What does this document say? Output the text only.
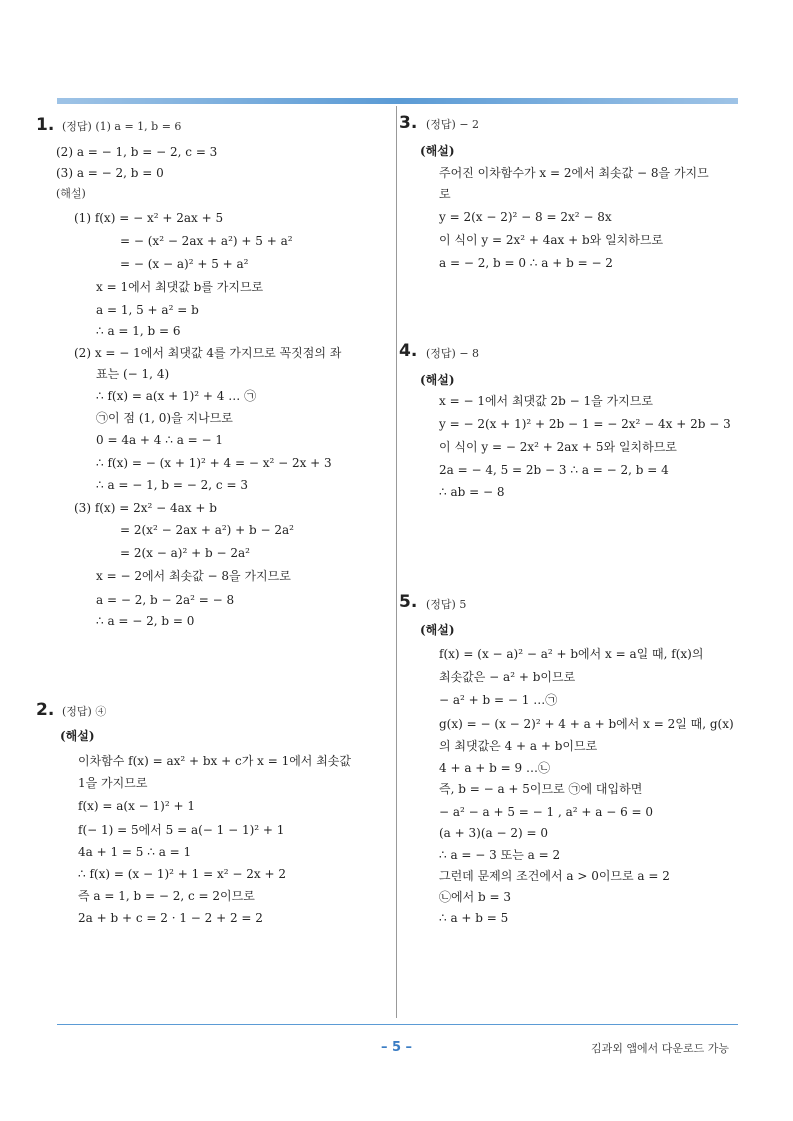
1. (정답) (1) a = 1, b = 6
(2) a = − 1, b = − 2, c = 3
(3) a = − 2, b = 0
(해설)
(1) f(x) = − x² + 2ax + 5
= − (x² − 2ax + a²) + 5 + a²
= − (x − a)² + 5 + a²
x = 1에서 최댓값 b를 가지므로
a = 1, 5 + a² = b
∴ a = 1, b = 6
(2) x = − 1에서 최댓값 4를 가지므로 꼭짓점의 좌
표는 (− 1, 4)
∴ f(x) = a(x + 1)² + 4 … ㉠
㉠이 점 (1, 0)을 지나므로
0 = 4a + 4 ∴ a = − 1
∴ f(x) = − (x + 1)² + 4 = − x² − 2x + 3
∴ a = − 1, b = − 2, c = 3
(3) f(x) = 2x² − 4ax + b
= 2(x² − 2ax + a²) + b − 2a²
= 2(x − a)² + b − 2a²
x = − 2에서 최솟값 − 8을 가지므로
a = − 2, b − 2a² = − 8
∴ a = − 2, b = 0
2. (정답) ④
(해설)
이차함수 f(x) = ax² + bx + c가 x = 1에서 최솟값
1을 가지므로
f(x) = a(x − 1)² + 1
f(− 1) = 5에서 5 = a(− 1 − 1)² + 1
4a + 1 = 5 ∴ a = 1
∴ f(x) = (x − 1)² + 1 = x² − 2x + 2
즉 a = 1, b = − 2, c = 2이므로
2a + b + c = 2 · 1 − 2 + 2 = 2
3. (정답) − 2
(해설)
주어진 이차함수가 x = 2에서 최솟값 − 8을 가지므
로
y = 2(x − 2)² − 8 = 2x² − 8x
이 식이 y = 2x² + 4ax + b와 일치하므로
a = − 2, b = 0 ∴ a + b = − 2
4. (정답) − 8
(해설)
x = − 1에서 최댓값 2b − 1을 가지므로
y = − 2(x + 1)² + 2b − 1 = − 2x² − 4x + 2b − 3
이 식이 y = − 2x² + 2ax + 5와 일치하므로
2a = − 4, 5 = 2b − 3 ∴ a = − 2, b = 4
∴ ab = − 8
5. (정답) 5
(해설)
f(x) = (x − a)² − a² + b에서 x = a일 때, f(x)의
최솟값은 − a² + b이므로
− a² + b = − 1 …㉠
g(x) = − (x − 2)² + 4 + a + b에서 x = 2일 때, g(x)
의 최댓값은 4 + a + b이므로
4 + a + b = 9 …㉡
즉, b = − a + 5이므로 ㉠에 대입하면
− a² − a + 5 = − 1 , a² + a − 6 = 0
(a + 3)(a − 2) = 0
∴ a = − 3 또는 a = 2
그런데 문제의 조건에서 a > 0이므로 a = 2
㉡에서 b = 3
∴ a + b = 5
– 5 –	김과외 앱에서 다운로드 가능
